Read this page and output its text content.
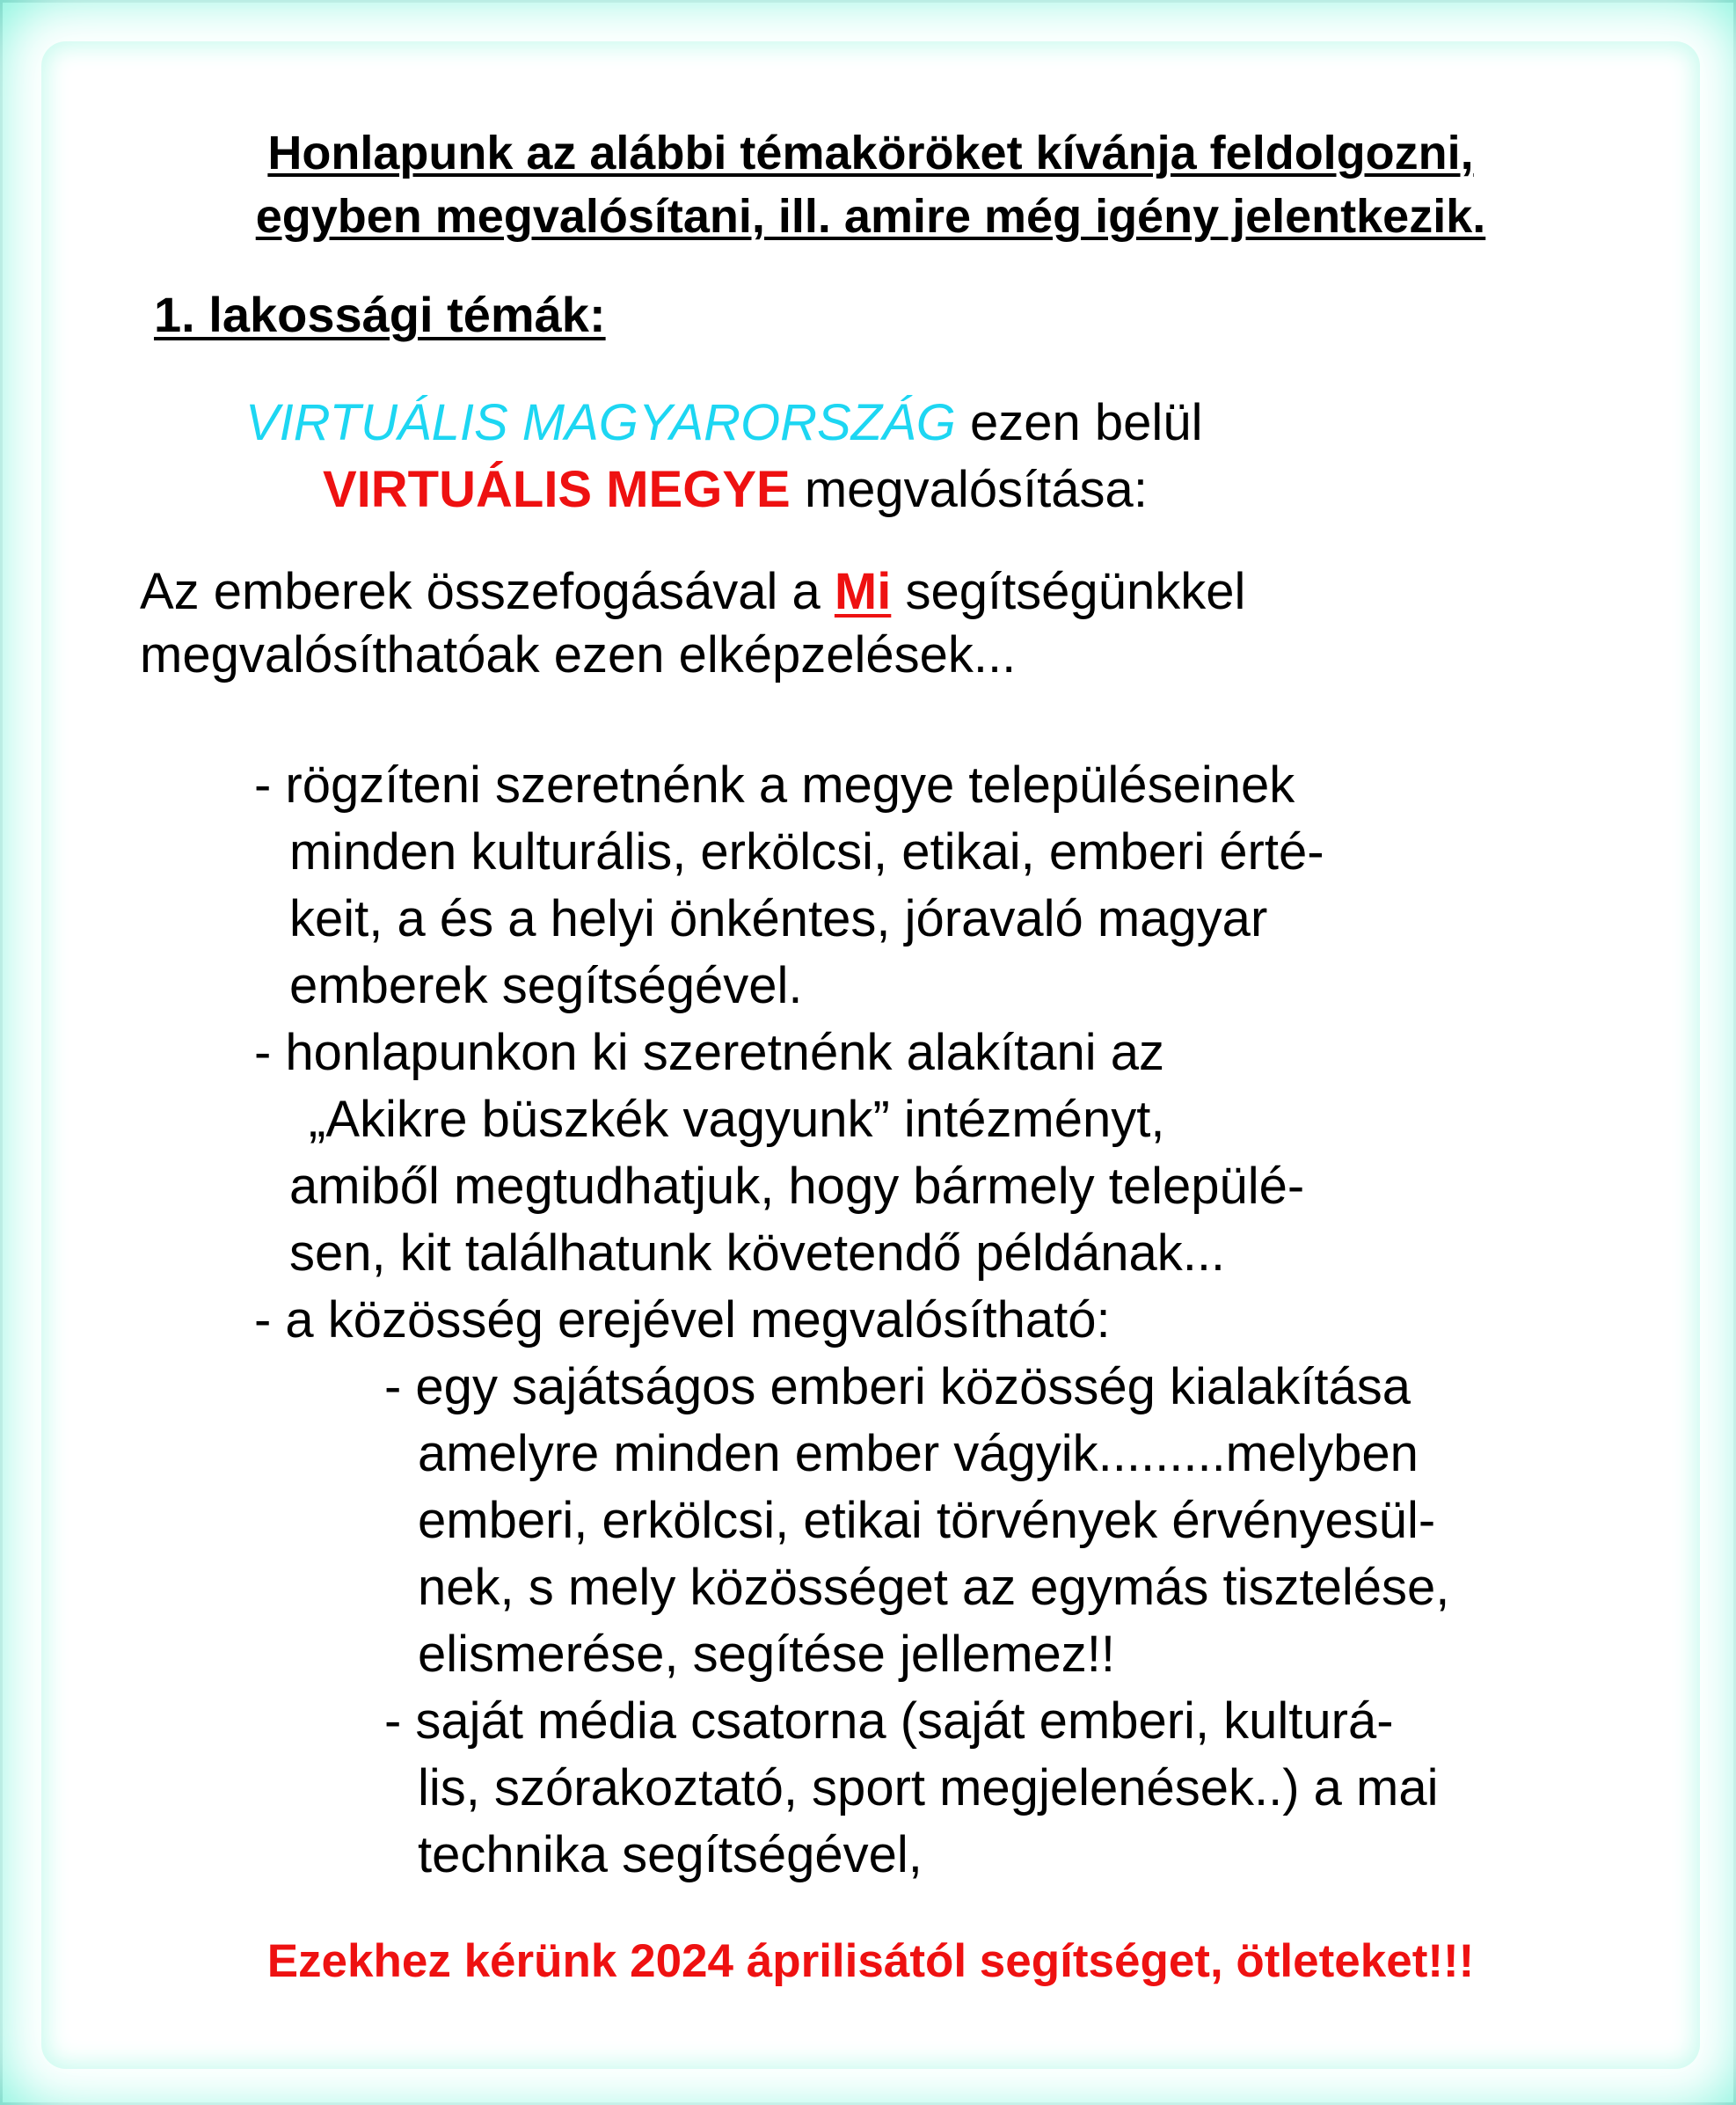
Honlapunk az alábbi témaköröket kívánja feldolgozni,

egyben megvalósítani, ill. amire még igény jelentkezik.

1. lakossági témák:

VIRTUÁLIS MAGYARORSZÁG ezen belül

VIRTUÁLIS MEGYE megvalósítása:

Az emberek összefogásával a Mi segítségünkkel

megvalósíthatóak ezen elképzelések...

- rögzíteni szeretnénk a megye településeinek

minden kulturális, erkölcsi, etikai, emberi érté-

keit, a és a helyi önkéntes, jóravaló magyar

emberek segítségével.

- honlapunkon ki szeretnénk alakítani az

„Akikre büszkék vagyunk” intézményt,

amiből megtudhatjuk, hogy bármely települé-

sen, kit találhatunk követendő példának...

- a közösség erejével megvalósítható:

- egy sajátságos emberi közösség kialakítása

amelyre minden ember vágyik.........melyben

emberi, erkölcsi, etikai törvények érvényesül-

nek, s mely közösséget az egymás tisztelése,

elismerése, segítése jellemez!!

- saját média csatorna (saját emberi, kulturá-

lis, szórakoztató, sport megjelenések..) a mai

technika segítségével,

Ezekhez kérünk 2024 áprilisától segítséget, ötleteket!!!
